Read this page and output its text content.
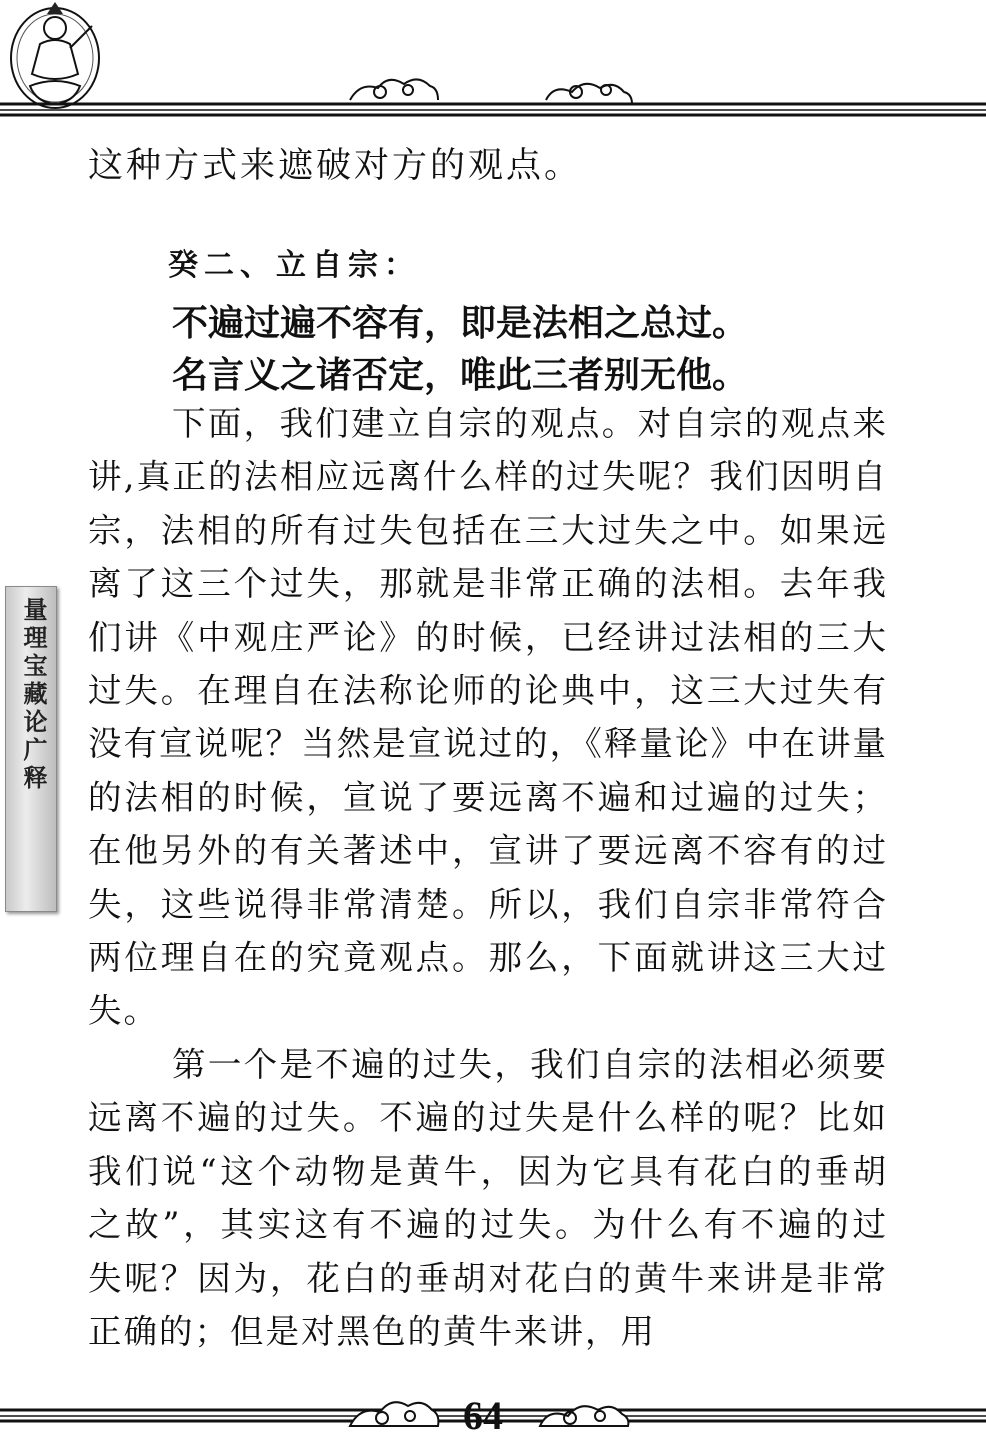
这种方式来遮破对方的观点。
癸二、立自宗：
不遍过遍不容有，即是法相之总过。
名言义之诸否定，唯此三者别无他。

下面，我们建立自宗的观点。对自宗的观点来讲,真正的法相应远离什么样的过失呢？我们因明自宗，法相的所有过失包括在三大过失之中。如果远离了这三个过失，那就是非常正确的法相。去年我们讲《中观庄严论》的时候，已经讲过法相的三大过失。在理自在法称论师的论典中，这三大过失有没有宣说呢？当然是宣说过的，《释量论》中在讲量的法相的时候，宣说了要远离不遍和过遍的过失；在他另外的有关著述中，宣讲了要远离不容有的过失，这些说得非常清楚。所以，我们自宗非常符合两位理自在的究竟观点。那么，下面就讲这三大过失。

第一个是不遍的过失，我们自宗的法相必须要远离不遍的过失。不遍的过失是什么样的呢？比如我们说“这个动物是黄牛，因为它具有花白的垂胡之故”，其实这有不遍的过失。为什么有不遍的过失呢？因为，花白的垂胡对花白的黄牛来讲是非常正确的；但是对黑色的黄牛来讲，用

量理宝藏论广释
64
